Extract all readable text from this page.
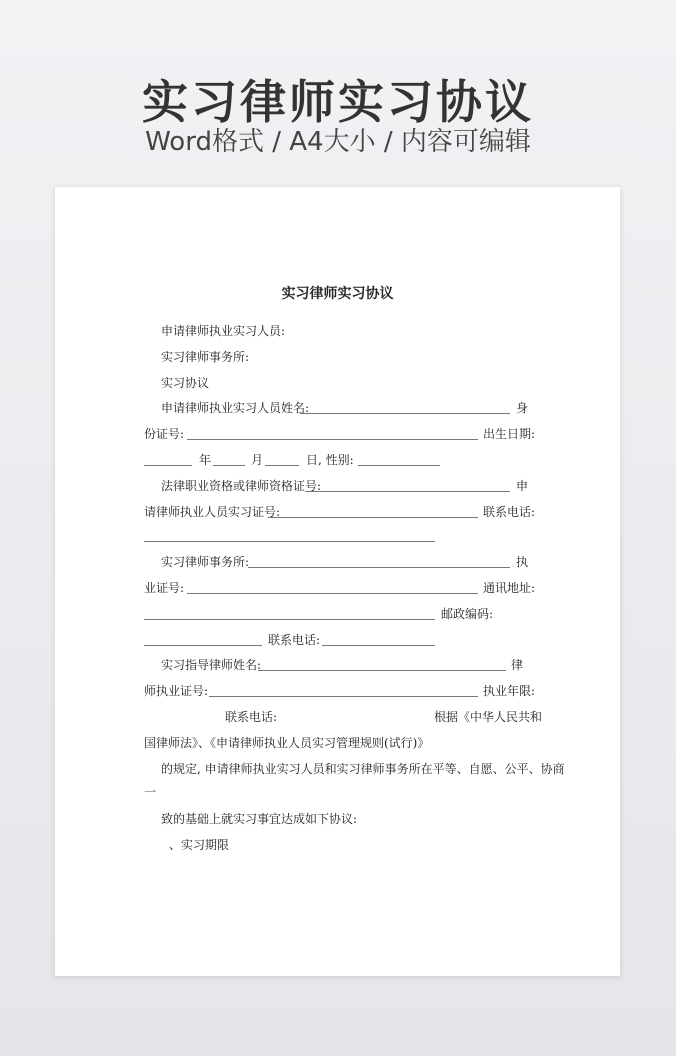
实习律师实习协议
Word格式 / A4大小 / 内容可编辑
实习律师实习协议
申请律师执业实习人员:
实习律师事务所:
实习协议
申请律师执业实习人员姓名:	身
份证号:	出生日期:
年	月	日, 性别:
法律职业资格或律师资格证号:	申
请律师执业人员实习证号:	联系电话:
实习律师事务所:	执
业证号:	通讯地址:
邮政编码:
联系电话:
实习指导律师姓名:	律
师执业证号:	执业年限:
联系电话:	根据《中华人民共和
国律师法》、《申请律师执业人员实习管理规则(试行)》
的规定, 申请律师执业实习人员和实习律师事务所在平等、自愿、公平、协商
一
致的基础上就实习事宜达成如下协议:
、实习期限
